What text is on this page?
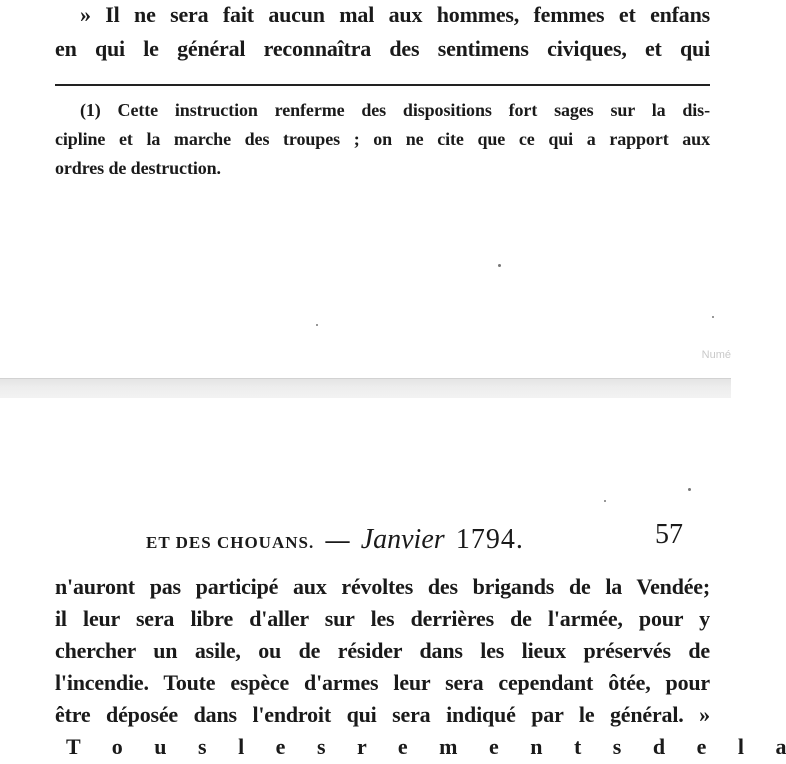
» Il ne sera fait aucun mal aux hommes, femmes et enfans
en qui le général reconnaîtra des sentimens civiques, et qui
(1) Cette instruction renferme des dispositions fort sages sur la dis-
cipline et la marche des troupes ; on ne cite que ce qui a rapport aux
ordres de destruction.
Numé
ET DES CHOUANS. — Janvier 1794.	57
n'auront pas participé aux révoltes des brigands de la Vendée;
il leur sera libre d'aller sur les derrières de l'armée, pour y
chercher un asile, ou de résider dans les lieux préservés de
l'incendie. Toute espèce d'armes leur sera cependant ôtée, pour
être déposée dans l'endroit qui sera indiqué par le général. »
T o u s l e s r e m e n t s d e l a
